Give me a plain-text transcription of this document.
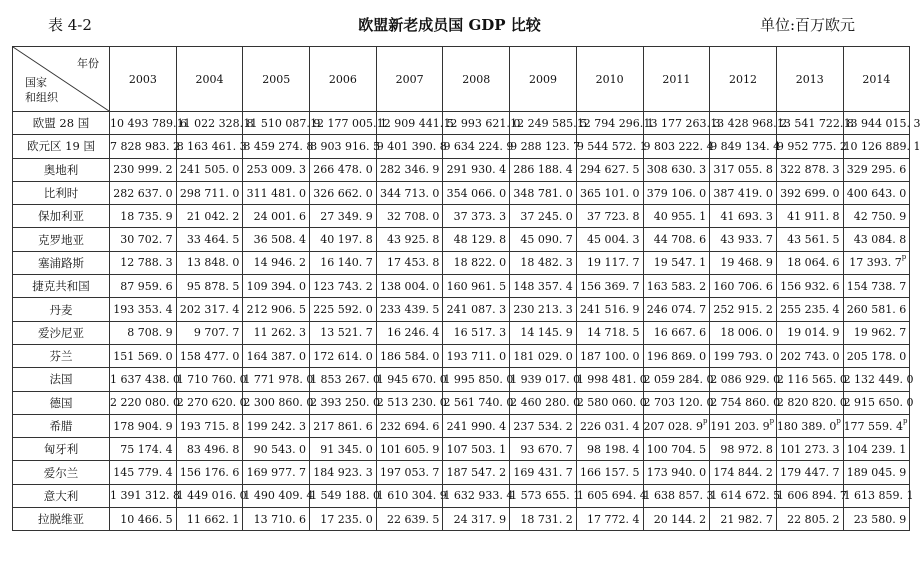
表 4-2	欧盟新老成员国 GDP 比较	单位:百万欧元
年份
国家
和组织	2003	2004	2005	2006	2007	2008	2009	2010	2011	2012	2013	2014
欧盟 28 国	10 493 789. 6	11 022 328. 8	11 510 087. 9	12 177 005. 1	12 909 441. 5	12 993 621. 0	12 249 585. 5	12 794 296. 1	13 177 263. 3	13 428 968. 2	13 541 722. 8	13 944 015. 3
欧元区 19 国	7 828 983. 2	8 163 461. 3	8 459 274. 8	8 903 916. 5	9 401 390. 8	9 634 224. 9	9 288 123. 7	9 544 572. 1	9 803 222. 4	9 849 134. 4	9 952 775. 2	10 126 889. 1
奥地利	230 999. 2	241 505. 0	253 009. 3	266 478. 0	282 346. 9	291 930. 4	286 188. 4	294 627. 5	308 630. 3	317 055. 8	322 878. 3	329 295. 6
比利时	282 637. 0	298 711. 0	311 481. 0	326 662. 0	344 713. 0	354 066. 0	348 781. 0	365 101. 0	379 106. 0	387 419. 0	392 699. 0	400 643. 0
保加利亚	18 735. 9	21 042. 2	24 001. 6	27 349. 9	32 708. 0	37 373. 3	37 245. 0	37 723. 8	40 955. 1	41 693. 3	41 911. 8	42 750. 9
克罗地亚	30 702. 7	33 464. 5	36 508. 4	40 197. 8	43 925. 8	48 129. 8	45 090. 7	45 004. 3	44 708. 6	43 933. 7	43 561. 5	43 084. 8
塞浦路斯	12 788. 3	13 848. 0	14 946. 2	16 140. 7	17 453. 8	18 822. 0	18 482. 3	19 117. 7	19 547. 1	19 468. 9	18 064. 6	17 393. 7$^p$
捷克共和国	87 959. 6	95 878. 5	109 394. 0	123 743. 2	138 004. 0	160 961. 5	148 357. 4	156 369. 7	163 583. 2	160 706. 6	156 932. 6	154 738. 7
丹麦	193 353. 4	202 317. 4	212 906. 5	225 592. 0	233 439. 5	241 087. 3	230 213. 3	241 516. 9	246 074. 7	252 915. 2	255 235. 4	260 581. 6
爱沙尼亚	8 708. 9	9 707. 7	11 262. 3	13 521. 7	16 246. 4	16 517. 3	14 145. 9	14 718. 5	16 667. 6	18 006. 0	19 014. 9	19 962. 7
芬兰	151 569. 0	158 477. 0	164 387. 0	172 614. 0	186 584. 0	193 711. 0	181 029. 0	187 100. 0	196 869. 0	199 793. 0	202 743. 0	205 178. 0
法国	1 637 438. 0	1 710 760. 0	1 771 978. 0	1 853 267. 0	1 945 670. 0	1 995 850. 0	1 939 017. 0	1 998 481. 0	2 059 284. 0	2 086 929. 0	2 116 565. 0	2 132 449. 0
德国	2 220 080. 0	2 270 620. 0	2 300 860. 0	2 393 250. 0	2 513 230. 0	2 561 740. 0	2 460 280. 0	2 580 060. 0	2 703 120. 0	2 754 860. 0	2 820 820. 0	2 915 650. 0
希腊	178 904. 9	193 715. 8	199 242. 3	217 861. 6	232 694. 6	241 990. 4	237 534. 2	226 031. 4	207 028. 9$^p$	191 203. 9$^p$	180 389. 0$^p$	177 559. 4$^p$
匈牙利	75 174. 4	83 496. 8	90 543. 0	91 345. 0	101 605. 9	107 503. 1	93 670. 7	98 198. 4	100 704. 5	98 972. 8	101 273. 3	104 239. 1
爱尔兰	145 779. 4	156 176. 6	169 977. 7	184 923. 3	197 053. 7	187 547. 2	169 431. 7	166 157. 5	173 940. 0	174 844. 2	179 447. 7	189 045. 9
意大利	1 391 312. 8	1 449 016. 0	1 490 409. 4	1 549 188. 0	1 610 304. 9	1 632 933. 4	1 573 655. 1	1 605 694. 4	1 638 857. 3	1 614 672. 5	1 606 894. 7	1 613 859. 1
拉脱维亚	10 466. 5	11 662. 1	13 710. 6	17 235. 0	22 639. 5	24 317. 9	18 731. 2	17 772. 4	20 144. 2	21 982. 7	22 805. 2	23 580. 9
